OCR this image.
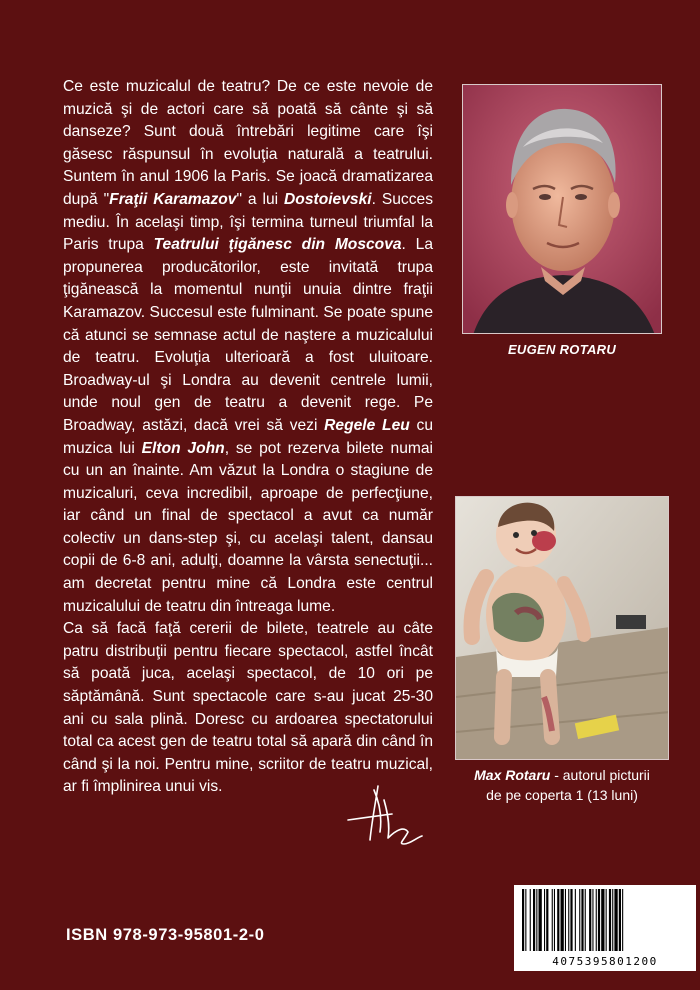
Ce este muzicalul de teatru? De ce este nevoie de muzică şi de actori care să poată să cânte şi să danseze? Sunt două întrebări legitime care îşi găsesc răspunsul în evoluţia naturală a teatrului. Suntem în anul 1906 la Paris. Se joacă dramatizarea după "Fraţii Karamazov" a lui Dostoievski. Succes mediu. În acelaşi timp, îşi termina turneul triumfal la Paris trupa Teatrului ţigănesc din Moscova. La propunerea producătorilor, este invitată trupa ţigănească la momentul nunţii unuia dintre fraţii Karamazov. Succesul este fulminant. Se poate spune că atunci se semnase actul de naştere a muzicalului de teatru. Evoluţia ulterioară a fost uluitoare. Broadway-ul şi Londra au devenit centrele lumii, unde noul gen de teatru a devenit rege. Pe Broadway, astăzi, dacă vrei să vezi Regele Leu cu muzica lui Elton John, se pot rezerva bilete numai cu un an înainte. Am văzut la Londra o stagiune de muzicaluri, ceva incredibil, aproape de perfecţiune, iar când un final de spectacol a avut ca număr colectiv un dans-step şi, cu acelaşi talent, dansau copii de 6-8 ani, adulţi, doamne la vârsta senectuţii... am decretat pentru mine că Londra este centrul muzicalului de teatru din întreaga lume.

Ca să facă faţă cererii de bilete, teatrele au câte patru distribuţii pentru fiecare spectacol, astfel încât să poată juca, acelaşi spectacol, de 10 ori pe săptămână. Sunt spectacole care s-au jucat 25-30 ani cu sala plină. Doresc cu ardoarea spectatorului total ca acest gen de teatru total să apară din când în când şi la noi. Pentru mine, scriitor de teatru muzical, ar fi împlinirea unui vis.

EUGEN ROTARU
Max Rotaru - autorul picturii
de pe coperta 1 (13 luni)
ISBN 978-973-95801-2-0
4075395801200
